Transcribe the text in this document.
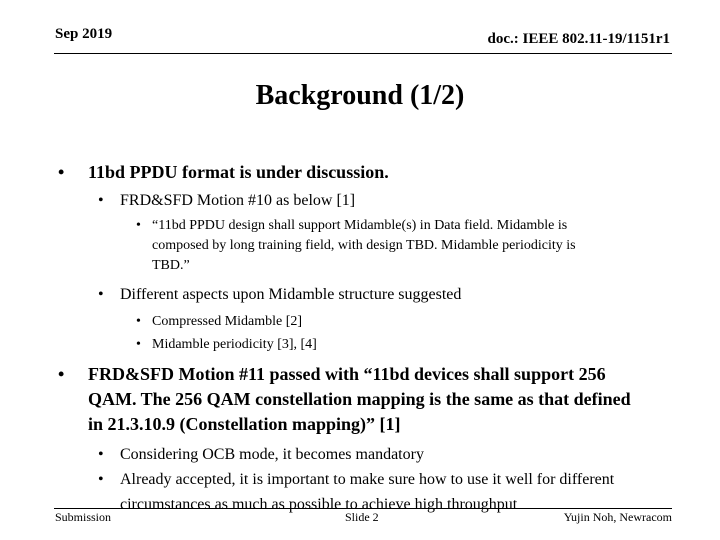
Sep 2019	doc.: IEEE 802.11-19/1151r1
Background (1/2)
• 11bd PPDU format is under discussion.
• FRD&SFD Motion #10 as below [1]
• “11bd PPDU design shall support Midamble(s) in Data field. Midamble is composed by long training field, with design TBD. Midamble periodicity is TBD.”
• Different aspects upon Midamble structure suggested
• Compressed Midamble [2]
• Midamble periodicity [3], [4]
• FRD&SFD Motion #11 passed with “11bd devices shall support 256 QAM. The 256 QAM constellation mapping is the same as that defined in 21.3.10.9 (Constellation mapping)” [1]
• Considering OCB mode, it becomes mandatory
• Already accepted, it is important to make sure how to use it well for different circumstances as much as possible to achieve high throughput
Submission	Slide 2	Yujin Noh, Newracom
